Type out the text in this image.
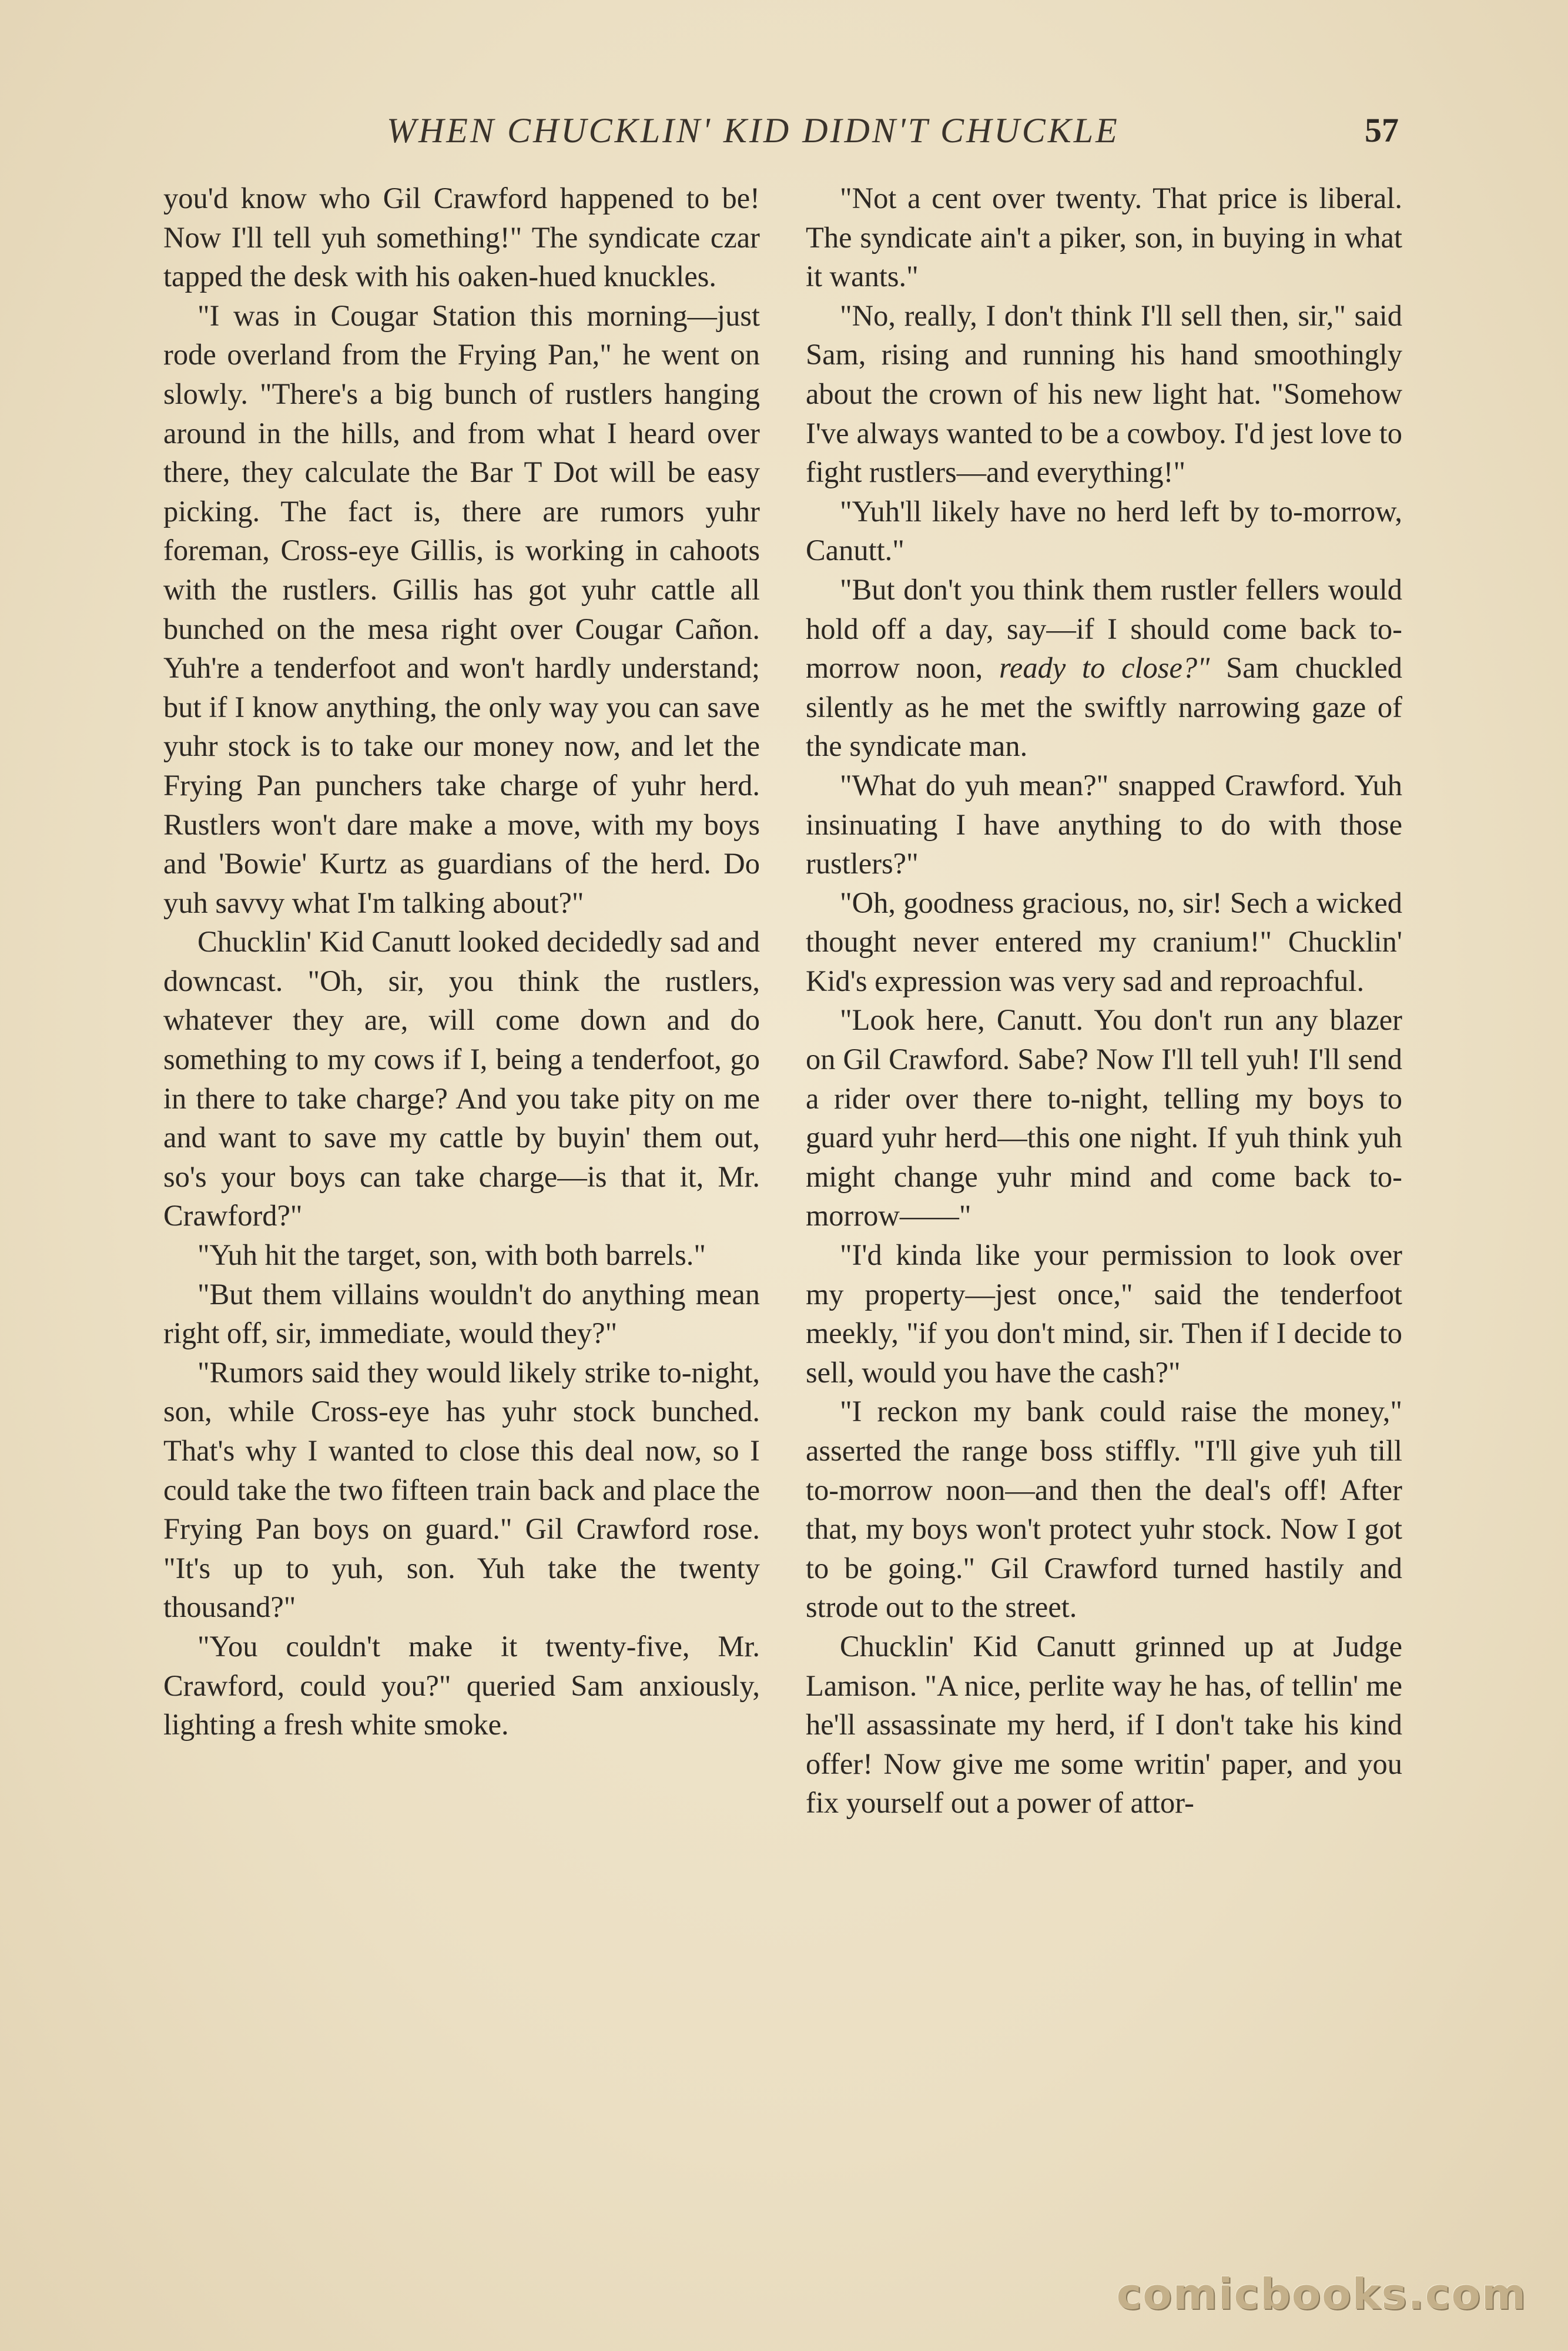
WHEN CHUCKLIN' KID DIDN'T CHUCKLE	57

you'd know who Gil Crawford happened to be! Now I'll tell yuh something!" The syndicate czar tapped the desk with his oaken-hued knuckles.

"I was in Cougar Station this morning—just rode overland from the Frying Pan," he went on slowly. "There's a big bunch of rustlers hanging around in the hills, and from what I heard over there, they calculate the Bar T Dot will be easy picking. The fact is, there are rumors yuhr foreman, Cross-eye Gillis, is working in cahoots with the rustlers. Gillis has got yuhr cattle all bunched on the mesa right over Cougar Cañon. Yuh're a tenderfoot and won't hardly understand; but if I know anything, the only way you can save yuhr stock is to take our money now, and let the Frying Pan punchers take charge of yuhr herd. Rustlers won't dare make a move, with my boys and 'Bowie' Kurtz as guardians of the herd. Do yuh savvy what I'm talking about?"

Chucklin' Kid Canutt looked decidedly sad and downcast. "Oh, sir, you think the rustlers, whatever they are, will come down and do something to my cows if I, being a tenderfoot, go in there to take charge? And you take pity on me and want to save my cattle by buyin' them out, so's your boys can take charge—is that it, Mr. Crawford?"

"Yuh hit the target, son, with both barrels."

"But them villains wouldn't do anything mean right off, sir, immediate, would they?"

"Rumors said they would likely strike to-night, son, while Cross-eye has yuhr stock bunched. That's why I wanted to close this deal now, so I could take the two fifteen train back and place the Frying Pan boys on guard." Gil Crawford rose. "It's up to yuh, son. Yuh take the twenty thousand?"

"You couldn't make it twenty-five, Mr. Crawford, could you?" queried Sam anxiously, lighting a fresh white smoke.

"Not a cent over twenty. That price is liberal. The syndicate ain't a piker, son, in buying in what it wants."

"No, really, I don't think I'll sell then, sir," said Sam, rising and running his hand smoothingly about the crown of his new light hat. "Somehow I've always wanted to be a cowboy. I'd jest love to fight rustlers—and everything!"

"Yuh'll likely have no herd left by to-morrow, Canutt."

"But don't you think them rustler fellers would hold off a day, say—if I should come back to-morrow noon, ready to close?" Sam chuckled silently as he met the swiftly narrowing gaze of the syndicate man.

"What do yuh mean?" snapped Crawford. Yuh insinuating I have anything to do with those rustlers?"

"Oh, goodness gracious, no, sir! Sech a wicked thought never entered my cranium!" Chucklin' Kid's expression was very sad and reproachful.

"Look here, Canutt. You don't run any blazer on Gil Crawford. Sabe? Now I'll tell yuh! I'll send a rider over there to-night, telling my boys to guard yuhr herd—this one night. If yuh think yuh might change yuhr mind and come back to-morrow——"

"I'd kinda like your permission to look over my property—jest once," said the tenderfoot meekly, "if you don't mind, sir. Then if I decide to sell, would you have the cash?"

"I reckon my bank could raise the money," asserted the range boss stiffly. "I'll give yuh till to-morrow noon—and then the deal's off! After that, my boys won't protect yuhr stock. Now I got to be going." Gil Crawford turned hastily and strode out to the street.

Chucklin' Kid Canutt grinned up at Judge Lamison. "A nice, perlite way he has, of tellin' me he'll assassinate my herd, if I don't take his kind offer! Now give me some writin' paper, and you fix yourself out a power of attor-

comicbooks.com
